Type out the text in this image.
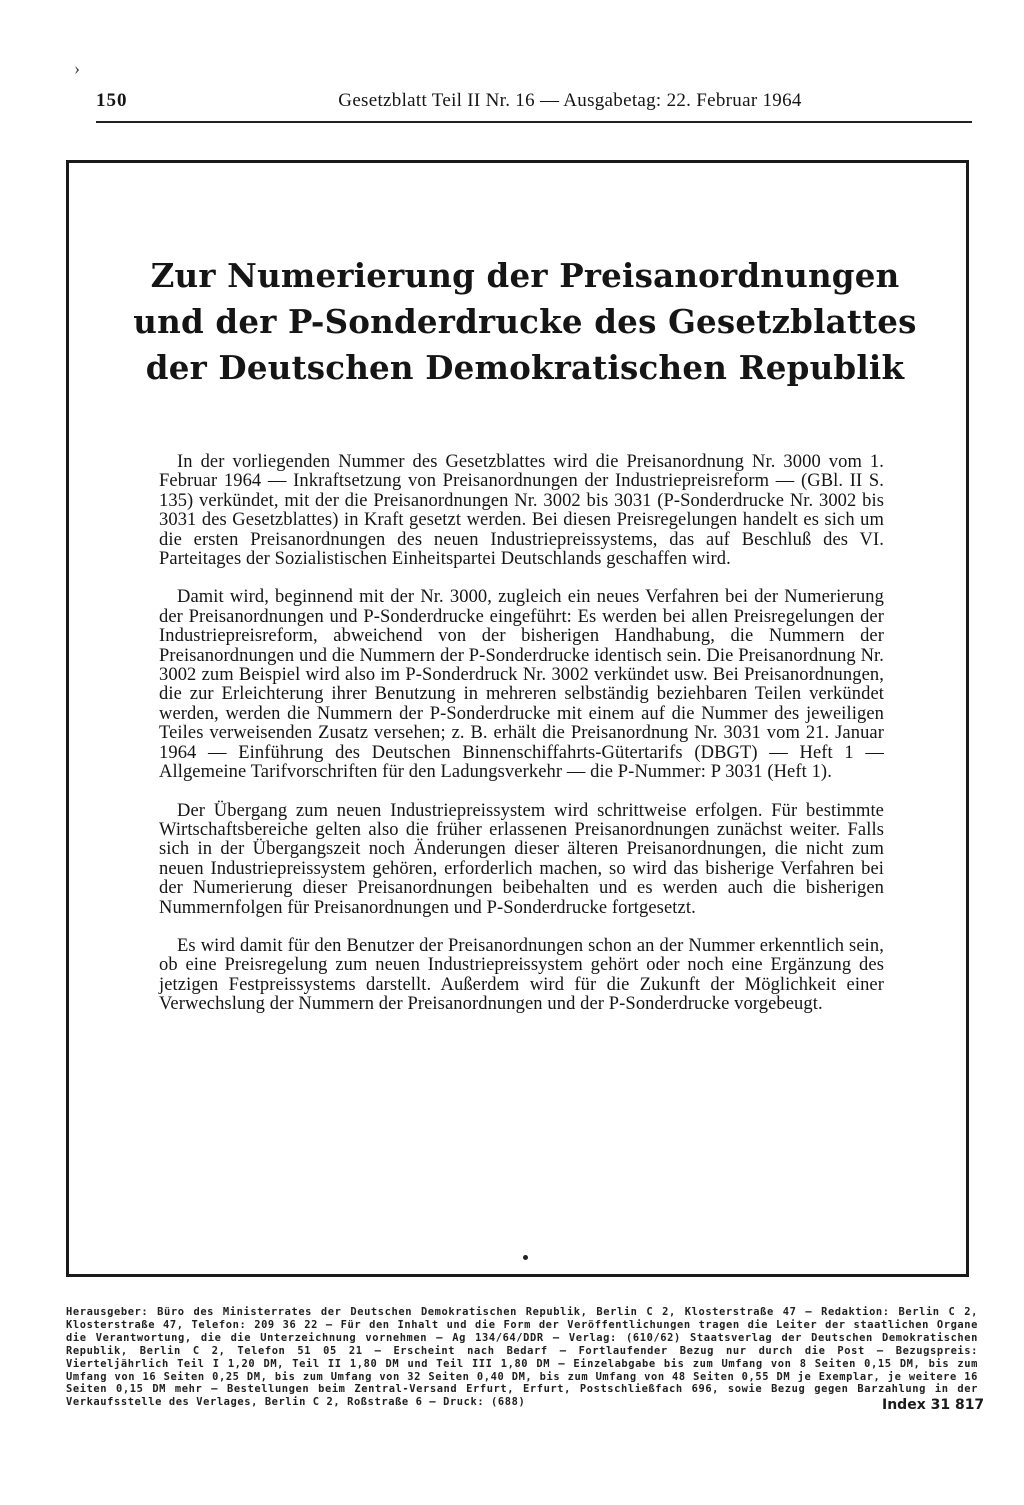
›
150	Gesetzblatt Teil II Nr. 16 — Ausgabetag: 22. Februar 1964
Zur Numerierung der Preisanordnungen
und der P-Sonderdrucke des Gesetzblattes
der Deutschen Demokratischen Republik

In der vorliegenden Nummer des Gesetzblattes wird die Preisanordnung Nr. 3000 vom 1. Februar 1964 — Inkraftsetzung von Preisanordnungen der Industriepreisreform — (GBl. II S. 135) verkündet, mit der die Preisanordnungen Nr. 3002 bis 3031 (P-Sonderdrucke Nr. 3002 bis 3031 des Gesetzblattes) in Kraft gesetzt werden. Bei diesen Preisregelungen handelt es sich um die ersten Preisanordnungen des neuen Industriepreissystems, das auf Beschluß des VI. Parteitages der Sozialistischen Einheitspartei Deutschlands geschaffen wird.

Damit wird, beginnend mit der Nr. 3000, zugleich ein neues Verfahren bei der Numerierung der Preisanordnungen und P-Sonderdrucke eingeführt: Es werden bei allen Preisregelungen der Industriepreisreform, abweichend von der bisherigen Handhabung, die Nummern der Preisanordnungen und die Nummern der P-Sonderdrucke identisch sein. Die Preisanordnung Nr. 3002 zum Beispiel wird also im P-Sonderdruck Nr. 3002 verkündet usw. Bei Preisanordnungen, die zur Erleichterung ihrer Benutzung in mehreren selbständig beziehbaren Teilen verkündet werden, werden die Nummern der P-Sonderdrucke mit einem auf die Nummer des jeweiligen Teiles verweisenden Zusatz versehen; z. B. erhält die Preisanordnung Nr. 3031 vom 21. Januar 1964 — Einführung des Deutschen Binnenschiffahrts-Gütertarifs (DBGT) — Heft 1 — Allgemeine Tarifvorschriften für den Ladungsverkehr — die P-Nummer: P 3031 (Heft 1).

Der Übergang zum neuen Industriepreissystem wird schrittweise erfolgen. Für bestimmte Wirtschaftsbereiche gelten also die früher erlassenen Preisanordnungen zunächst weiter. Falls sich in der Übergangszeit noch Änderungen dieser älteren Preisanordnungen, die nicht zum neuen Industriepreissystem gehören, erforderlich machen, so wird das bisherige Verfahren bei der Numerierung dieser Preisanordnungen beibehalten und es werden auch die bisherigen Nummernfolgen für Preisanordnungen und P-Sonderdrucke fortgesetzt.

Es wird damit für den Benutzer der Preisanordnungen schon an der Nummer erkenntlich sein, ob eine Preisregelung zum neuen Industriepreissystem gehört oder noch eine Ergänzung des jetzigen Festpreissystems darstellt. Außerdem wird für die Zukunft der Möglichkeit einer Verwechslung der Nummern der Preisanordnungen und der P-Sonderdrucke vorgebeugt.

Herausgeber: Büro des Ministerrates der Deutschen Demokratischen Republik, Berlin C 2, Klosterstraße 47 — Redaktion: Berlin C 2, Klosterstraße 47, Telefon: 209 36 22 — Für den Inhalt und die Form der Veröffentlichungen tragen die Leiter der staatlichen Organe die Verantwortung, die die Unterzeichnung vornehmen — Ag 134/64/DDR — Verlag: (610/62) Staatsverlag der Deutschen Demokratischen Republik, Berlin C 2, Telefon 51 05 21 — Erscheint nach Bedarf — Fortlaufender Bezug nur durch die Post — Bezugspreis: Vierteljährlich Teil I 1,20 DM, Teil II 1,80 DM und Teil III 1,80 DM — Einzelabgabe bis zum Umfang von 8 Seiten 0,15 DM, bis zum Umfang von 16 Seiten 0,25 DM, bis zum Umfang von 32 Seiten 0,40 DM, bis zum Umfang von 48 Seiten 0,55 DM je Exemplar, je weitere 16 Seiten 0,15 DM mehr — Bestellungen beim Zentral-Versand Erfurt, Erfurt, Postschließfach 696, sowie Bezug gegen Barzahlung in der Verkaufsstelle des Verlages, Berlin C 2, Roßstraße 6 — Druck: (688)	Index 31 817
